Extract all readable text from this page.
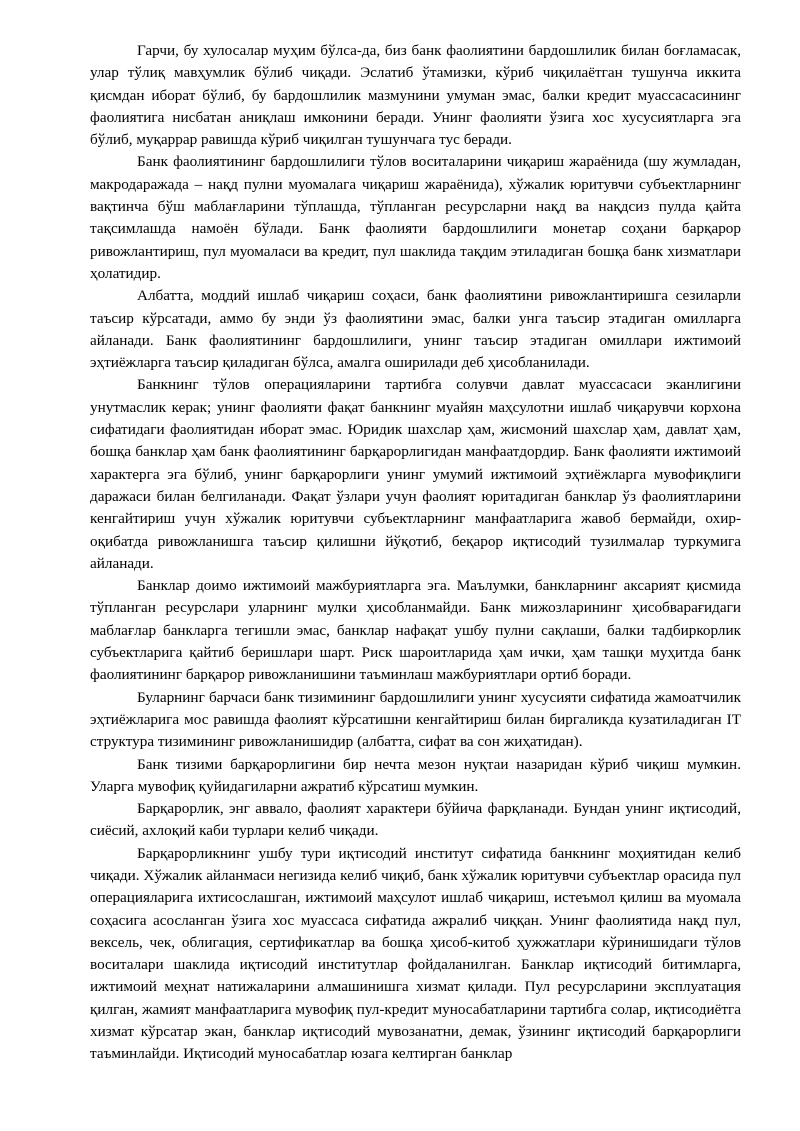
Гарчи, бу хулосалар муҳим бўлса-да, биз банк фаолиятини бардошлилик билан боғламасак, улар тўлиқ мавҳумлик бўлиб чиқади. Эслатиб ўтамизки, кўриб чиқилаётган тушунча иккита қисмдан иборат бўлиб, бу бардошлилик мазмунини умуман эмас, балки кредит муассасасининг фаолиятига нисбатан аниқлаш имконини беради. Унинг фаолияти ўзига хос хусусиятларга эга бўлиб, муқаррар равишда кўриб чиқилган тушунчага тус беради.

Банк фаолиятининг бардошлилиги тўлов воситаларини чиқариш жараёнида (шу жумладан, макродаражада – нақд пулни муомалага чиқариш жараёнида), хўжалик юритувчи субъектларнинг вақтинча бўш маблағларини тўплашда, тўпланган ресурсларни нақд ва нақдсиз пулда қайта тақсимлашда намоён бўлади. Банк фаолияти бардошлилиги монетар соҳани барқарор ривожлантириш, пул муомаласи ва кредит, пул шаклида тақдим этиладиган бошқа банк хизматлари ҳолатидир.

Албатта, моддий ишлаб чиқариш соҳаси, банк фаолиятини ривожлантиришга сезиларли таъсир кўрсатади, аммо бу энди ўз фаолиятини эмас, балки унга таъсир этадиган омилларга айланади. Банк фаолиятининг бардошлилиги, унинг таъсир этадиган омиллари ижтимоий эҳтиёжларга таъсир қиладиган бўлса, амалга оширилади деб ҳисобланилади.

Банкнинг тўлов операцияларини тартибга солувчи давлат муассасаси эканлигини унутмаслик керак; унинг фаолияти фақат банкнинг муайян маҳсулотни ишлаб чиқарувчи корхона сифатидаги фаолиятидан иборат эмас. Юридик шахслар ҳам, жисмоний шахслар ҳам, давлат ҳам, бошқа банклар ҳам банк фаолиятининг барқарорлигидан манфаатдордир. Банк фаолияти ижтимоий характерга эга бўлиб, унинг барқарорлиги унинг умумий ижтимоий эҳтиёжларга мувофиқлиги даражаси билан белгиланади. Фақат ўзлари учун фаолият юритадиган банклар ўз фаолиятларини кенгайтириш учун хўжалик юритувчи субъектларнинг манфаатларига жавоб бермайди, охир-оқибатда ривожланишга таъсир қилишни йўқотиб, беқарор иқтисодий тузилмалар туркумига айланади.

Банклар доимо ижтимоий мажбуриятларга эга. Маълумки, банкларнинг аксарият қисмида тўпланган ресурслари уларнинг мулки ҳисобланмайди. Банк мижозларининг ҳисобварағидаги маблағлар банкларга тегишли эмас, банклар нафақат ушбу пулни сақлаши, балки тадбиркорлик субъектларига қайтиб беришлари шарт. Риск шароитларида ҳам ички, ҳам ташқи муҳитда банк фаолиятининг барқарор ривожланишини таъминлаш мажбуриятлари ортиб боради.

Буларнинг барчаси банк тизимининг бардошлилиги унинг хусусияти сифатида жамоатчилик эҳтиёжларига мос равишда фаолият кўрсатишни кенгайтириш билан биргаликда кузатиладиган IT структура тизимининг ривожланишидир (албатта, сифат ва сон жиҳатидан).

Банк тизими барқарорлигини бир нечта мезон нуқтаи назаридан кўриб чиқиш мумкин. Уларга мувофиқ қуйидагиларни ажратиб кўрсатиш мумкин.

Барқарорлик, энг аввало, фаолият характери бўйича фарқланади. Бундан унинг иқтисодий, сиёсий, ахлоқий каби турлари келиб чиқади.

Барқарорликнинг ушбу тури иқтисодий институт сифатида банкнинг моҳиятидан келиб чиқади. Хўжалик айланмаси негизида келиб чиқиб, банк хўжалик юритувчи субъектлар орасида пул операцияларига ихтисослашган, ижтимоий маҳсулот ишлаб чиқариш, истеъмол қилиш ва муомала соҳасига асосланган ўзига хос муассаса сифатида ажралиб чиққан. Унинг фаолиятида нақд пул, вексель, чек, облигация, сертификатлар ва бошқа ҳисоб-китоб ҳужжатлари кўринишидаги тўлов воситалари шаклида иқтисодий институтлар фойдаланилган. Банклар иқтисодий битимларга, ижтимоий меҳнат натижаларини алмашинишга хизмат қилади. Пул ресурсларини эксплуатация қилган, жамият манфаатларига мувофиқ пул-кредит муносабатларини тартибга солар, иқтисодиётга хизмат кўрсатар экан, банклар иқтисодий мувозанатни, демак, ўзининг иқтисодий барқарорлиги таъминлайди. Иқтисодий муносабатлар юзага келтирган банклар
